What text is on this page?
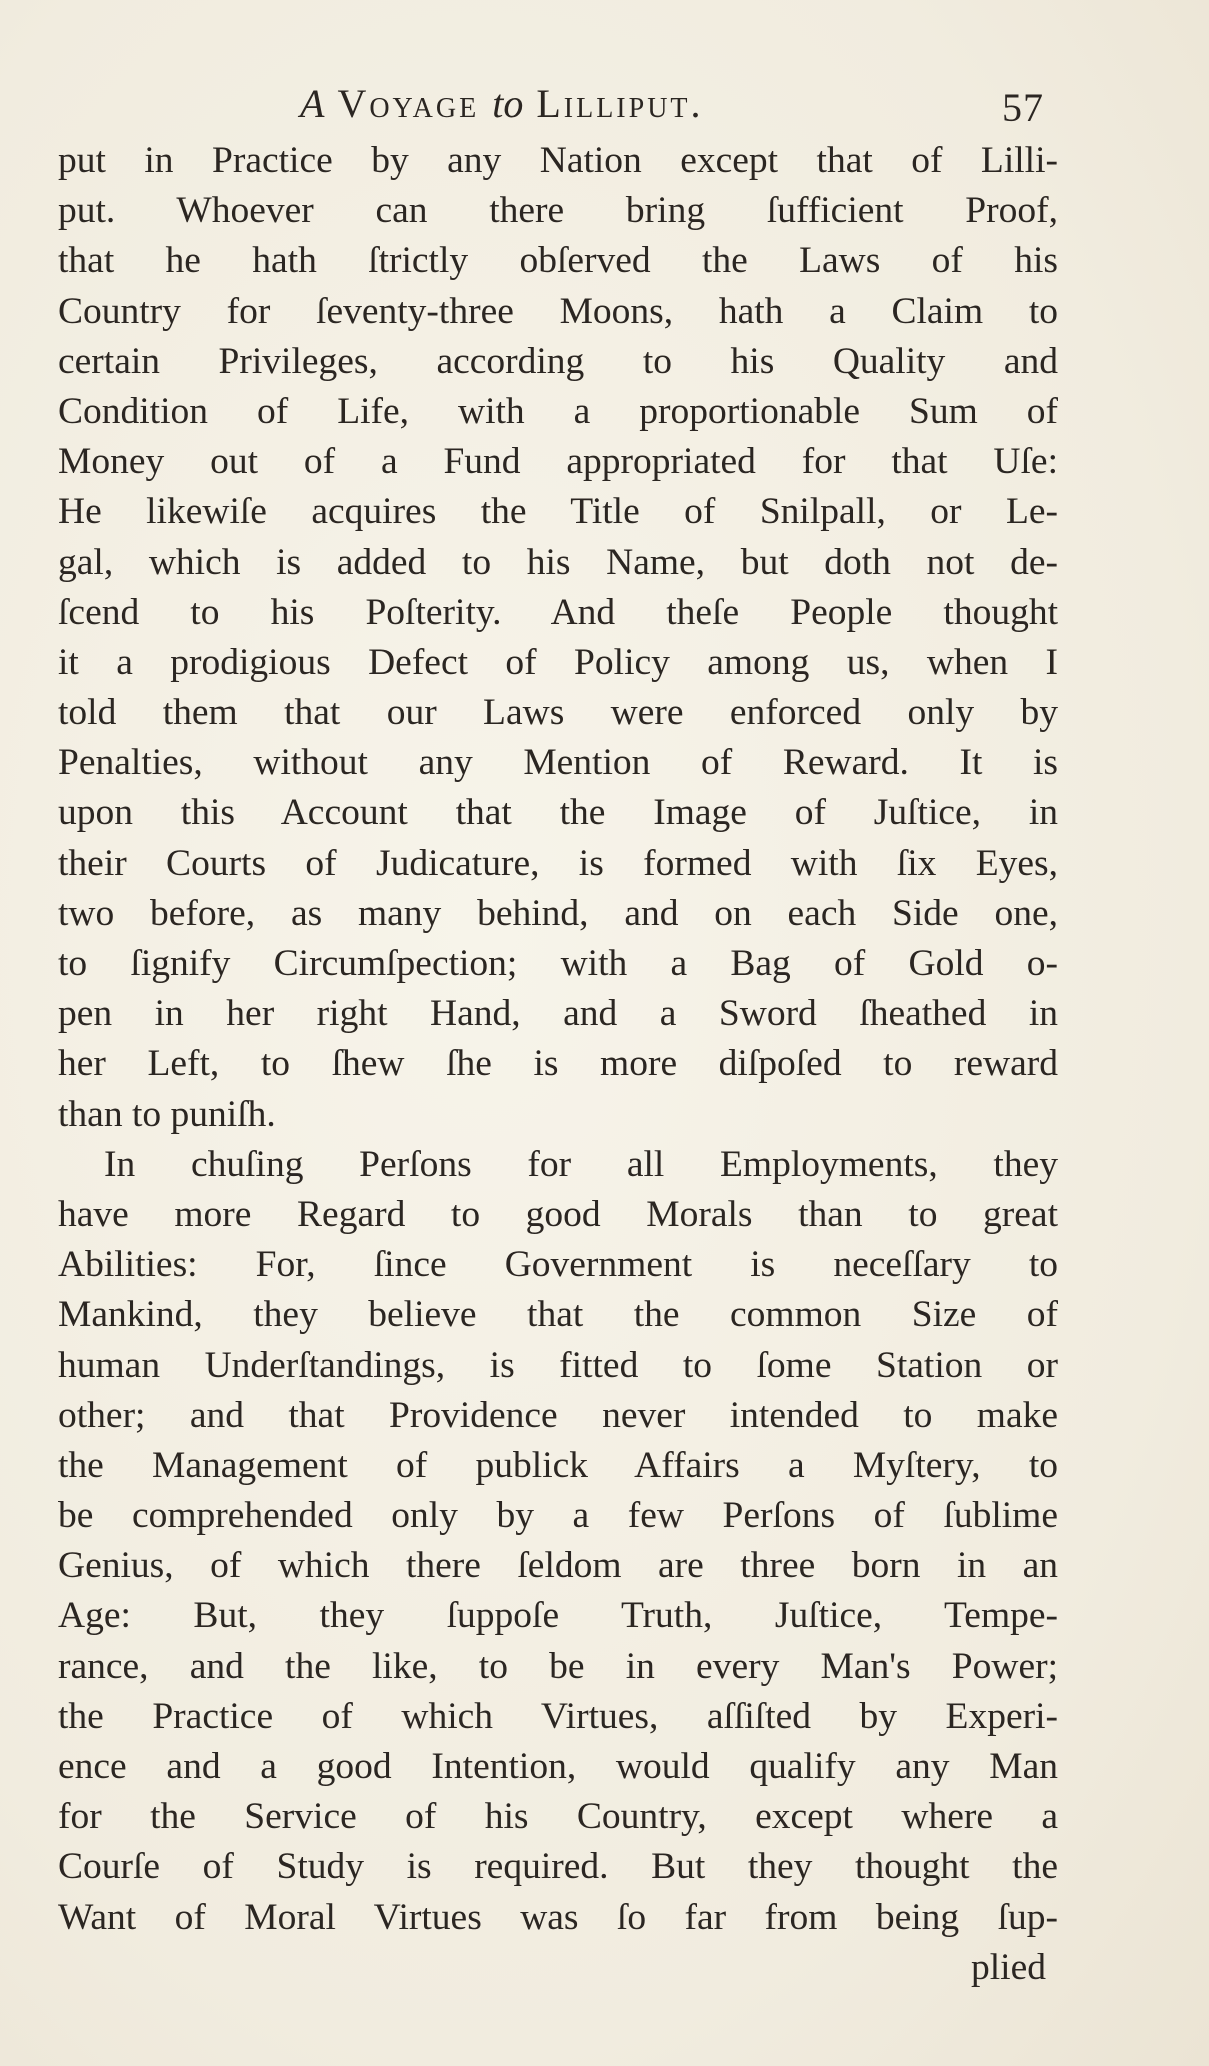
A Voyage to Lilliput.	57
put in Practice by any Nation except that of Lilli-
put. Whoever can there bring ſufficient Proof,
that he hath ſtrictly obſerved the Laws of his
Country for ſeventy-three Moons, hath a Claim to
certain Privileges, according to his Quality and
Condition of Life, with a proportionable Sum of
Money out of a Fund appropriated for that Uſe:
He likewiſe acquires the Title of Snilpall, or Le-
gal, which is added to his Name, but doth not de-
ſcend to his Poſterity. And theſe People thought
it a prodigious Defect of Policy among us, when I
told them that our Laws were enforced only by
Penalties, without any Mention of Reward. It is
upon this Account that the Image of Juſtice, in
their Courts of Judicature, is formed with ſix Eyes,
two before, as many behind, and on each Side one,
to ſignify Circumſpection; with a Bag of Gold o-
pen in her right Hand, and a Sword ſheathed in
her Left, to ſhew ſhe is more diſpoſed to reward
than to puniſh.
In chuſing Perſons for all Employments, they
have more Regard to good Morals than to great
Abilities: For, ſince Government is neceſſary to
Mankind, they believe that the common Size of
human Underſtandings, is fitted to ſome Station or
other; and that Providence never intended to make
the Management of publick Affairs a Myſtery, to
be comprehended only by a few Perſons of ſublime
Genius, of which there ſeldom are three born in an
Age: But, they ſuppoſe Truth, Juſtice, Tempe-
rance, and the like, to be in every Man's Power;
the Practice of which Virtues, aſſiſted by Experi-
ence and a good Intention, would qualify any Man
for the Service of his Country, except where a
Courſe of Study is required. But they thought the
Want of Moral Virtues was ſo far from being ſup-
plied
